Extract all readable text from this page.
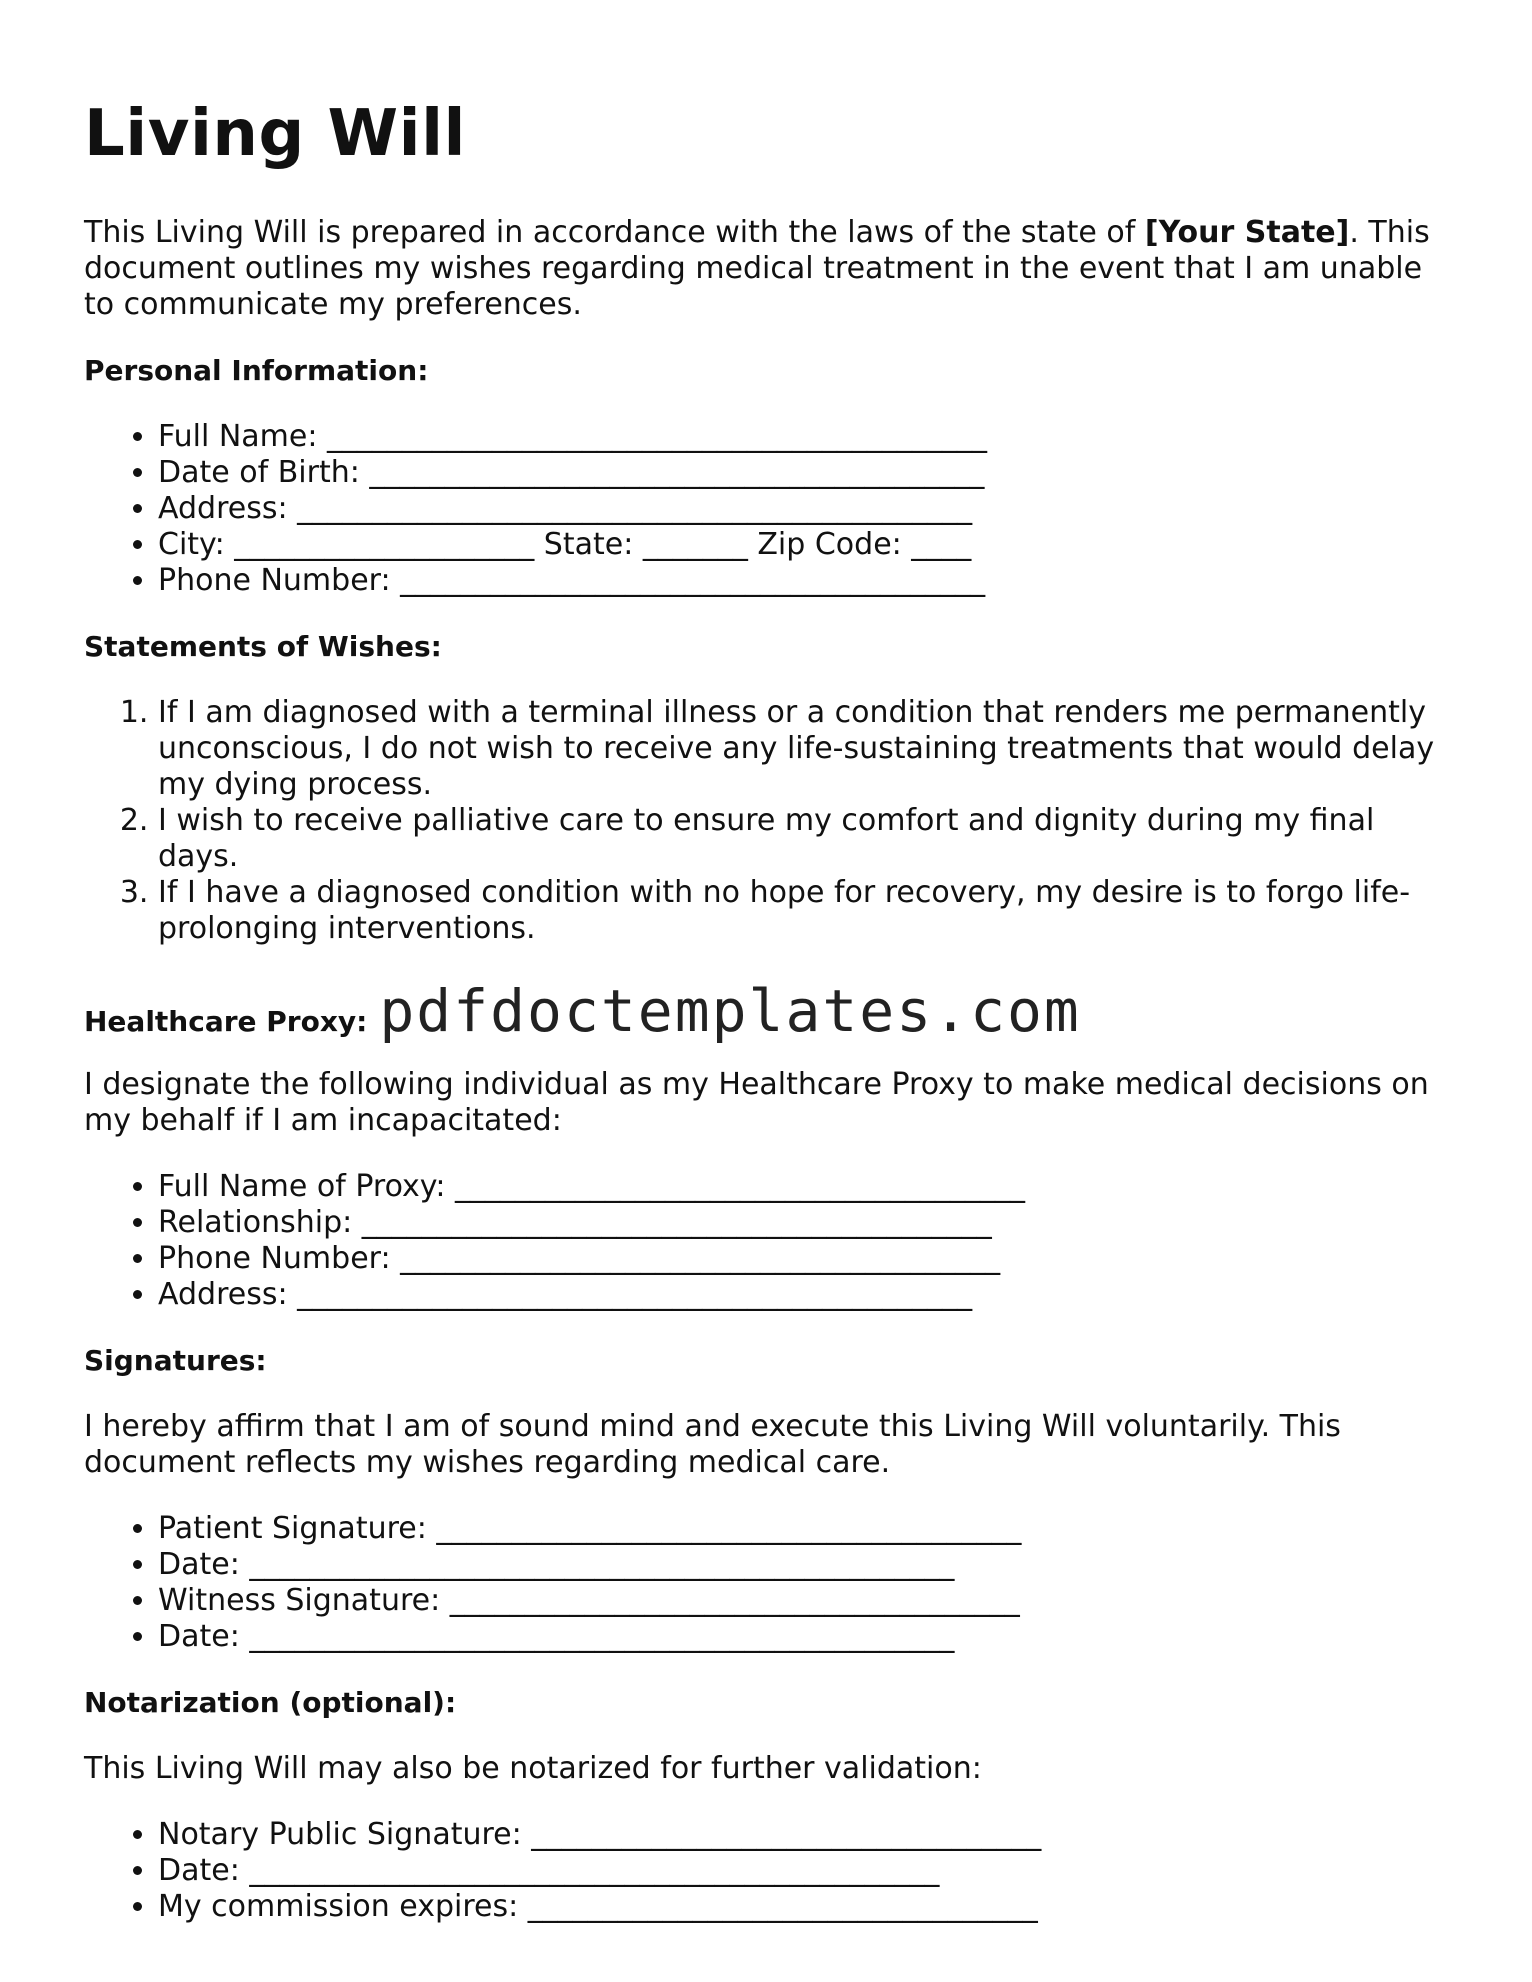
Living Will

This Living Will is prepared in accordance with the laws of the state of [Your State]. This document outlines my wishes regarding medical treatment in the event that I am unable to communicate my preferences.

Personal Information:
• Full Name: ____________________________________________
• Date of Birth: _________________________________________
• Address: _____________________________________________
• City: ____________________ State: _______ Zip Code: ____
• Phone Number: _______________________________________
Statements of Wishes:
1. If I am diagnosed with a terminal illness or a condition that renders me permanently unconscious, I do not wish to receive any life-sustaining treatments that would delay my dying process.
2. I wish to receive palliative care to ensure my comfort and dignity during my final days.
3. If I have a diagnosed condition with no hope for recovery, my desire is to forgo life-prolonging interventions.
Healthcare Proxy: pdfdoctemplates.com

I designate the following individual as my Healthcare Proxy to make medical decisions on my behalf if I am incapacitated:

• Full Name of Proxy: ______________________________________
• Relationship: __________________________________________
• Phone Number: ________________________________________
• Address: _____________________________________________
Signatures:

I hereby affirm that I am of sound mind and execute this Living Will voluntarily. This document reflects my wishes regarding medical care.

• Patient Signature: _______________________________________
• Date: _______________________________________________
• Witness Signature: ______________________________________
• Date: _______________________________________________
Notarization (optional):

This Living Will may also be notarized for further validation:

• Notary Public Signature: __________________________________
• Date: ______________________________________________
• My commission expires: __________________________________
